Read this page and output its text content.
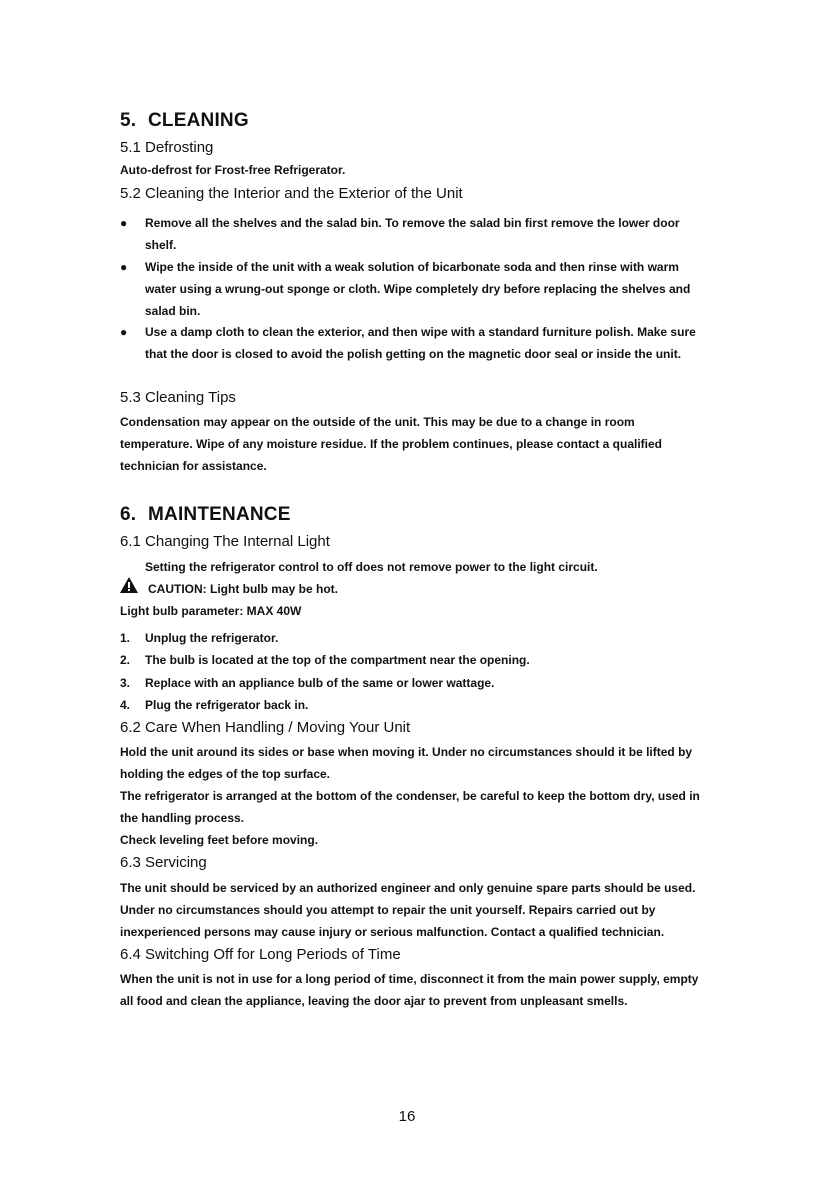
5. CLEANING
5.1 Defrosting
Auto-defrost for Frost-free Refrigerator.
5.2 Cleaning the Interior and the Exterior of the Unit
●	Remove all the shelves and the salad bin. To remove the salad bin first remove the lower door shelf.
●	Wipe the inside of the unit with a weak solution of bicarbonate soda and then rinse with warm water using a wrung-out sponge or cloth. Wipe completely dry before replacing the shelves and salad bin.
●	Use a damp cloth to clean the exterior, and then wipe with a standard furniture polish. Make sure that the door is closed to avoid the polish getting on the magnetic door seal or inside the unit.
5.3 Cleaning Tips
Condensation may appear on the outside of the unit. This may be due to a change in room temperature. Wipe of any moisture residue. If the problem continues, please contact a qualified technician for assistance.
6. MAINTENANCE
6.1 Changing The Internal Light
Setting the refrigerator control to off does not remove power to the light circuit.
CAUTION: Light bulb may be hot.
Light bulb parameter: MAX 40W
1.	Unplug the refrigerator.
2.	The bulb is located at the top of the compartment near the opening.
3.	Replace with an appliance bulb of the same or lower wattage.
4.	Plug the refrigerator back in.
6.2 Care When Handling / Moving Your Unit
Hold the unit around its sides or base when moving it. Under no circumstances should it be lifted by holding the edges of the top surface.
The refrigerator is arranged at the bottom of the condenser, be careful to keep the bottom dry, used in the handling process.
Check leveling feet before moving.
6.3 Servicing
The unit should be serviced by an authorized engineer and only genuine spare parts should be used. Under no circumstances should you attempt to repair the unit yourself. Repairs carried out by inexperienced persons may cause injury or serious malfunction. Contact a qualified technician.
6.4 Switching Off for Long Periods of Time
When the unit is not in use for a long period of time, disconnect it from the main power supply, empty all food and clean the appliance, leaving the door ajar to prevent from unpleasant smells.
16
